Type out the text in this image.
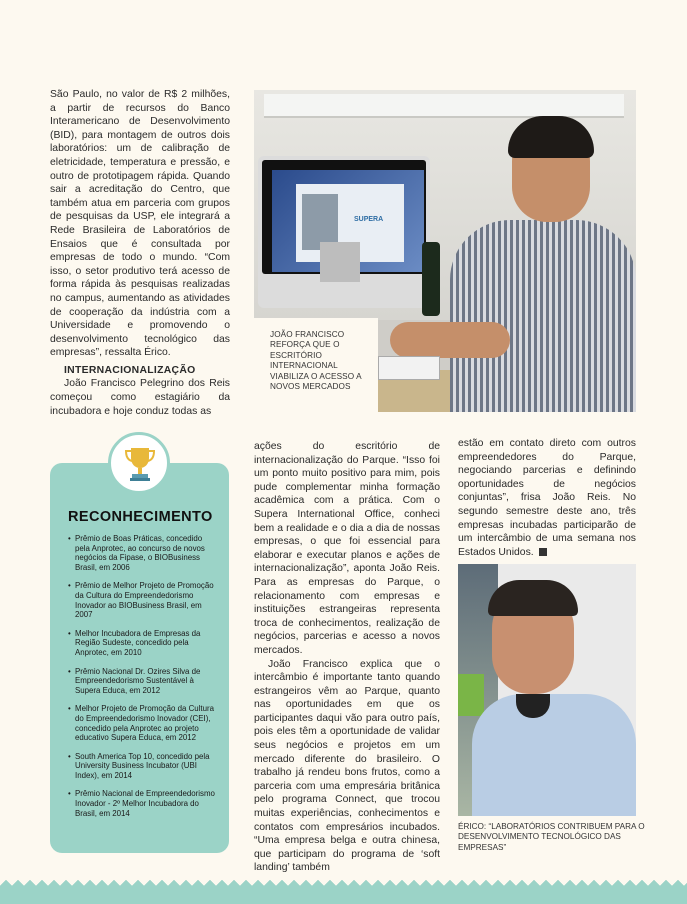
São Paulo, no valor de R$ 2 milhões, a partir de recursos do Banco Interamericano de Desenvolvimento (BID), para montagem de outros dois laboratórios: um de calibração de eletricidade, temperatura e pressão, e outro de prototipagem rápida. Quando sair a acreditação do Centro, que também atua em parceria com grupos de pesquisas da USP, ele integrará a Rede Brasileira de Laboratórios de Ensaios que é consultada por empresas de todo o mundo. “Com isso, o setor produtivo terá acesso de forma rápida às pesquisas realizadas no campus, aumentando as atividades de cooperação da indústria com a Universidade e promovendo o desenvolvimento tecnológico das empresas”, ressalta Érico.

INTERNACIONALIZAÇÃO

João Francisco Pelegrino dos Reis começou como estagiário da incubadora e hoje conduz todas as

SUPERA
JOÃO FRANCISCO REFORÇA QUE O ESCRITÓRIO INTERNACIONAL VIABILIZA O ACESSO A NOVOS MERCADOS

ações do escritório de internacionalização do Parque. “Isso foi um ponto muito positivo para mim, pois pude complementar minha formação acadêmica com a prática. Com o Supera International Office, conheci bem a realidade e o dia a dia de nossas empresas, o que foi essencial para elaborar e executar planos e ações de internacionalização”, aponta João Reis. Para as empresas do Parque, o relacionamento com empresas e instituições estrangeiras representa troca de conhecimentos, realização de negócios, parcerias e acesso a novos mercados.

João Francisco explica que o intercâmbio é importante tanto quando estrangeiros vêm ao Parque, quanto nas oportunidades em que os participantes daqui vão para outro país, pois eles têm a oportunidade de validar seus negócios e projetos em um mercado diferente do brasileiro. O trabalho já rendeu bons frutos, como a parceria com uma empresária britânica pelo programa Connect, que trocou muitas experiências, conhecimentos e contatos com empresários incubados. “Uma empresa belga e outra chinesa, que participam do programa de ‘soft landing’ também

estão em contato direto com outros empreendedores do Parque, negociando parcerias e definindo oportunidades de negócios conjuntas”, frisa João Reis. No segundo semestre deste ano, três empresas incubadas participarão de um intercâmbio de uma semana nos Estados Unidos.

ÉRICO: “LABORATÓRIOS CONTRIBUEM PARA O DESENVOLVIMENTO TECNOLÓGICO DAS EMPRESAS”
RECONHECIMENTO
• Prêmio de Boas Práticas, concedido pela Anprotec, ao concurso de novos negócios da Fipase, o BIOBusiness Brasil, em 2006
• Prêmio de Melhor Projeto de Promoção da Cultura do Empreendedorismo Inovador ao BIOBusiness Brasil, em 2007
• Melhor Incubadora de Empresas da Região Sudeste, concedido pela Anprotec, em 2010
• Prêmio Nacional Dr. Ozires Silva de Empreendedorismo Sustentável à Supera Educa, em 2012
• Melhor Projeto de Promoção da Cultura do Empreendedorismo Inovador (CEI), concedido pela Anprotec ao projeto educativo Supera Educa, em 2012
• South America Top 10, concedido pela University Business Incubator (UBI Index), em 2014
• Prêmio Nacional de Empreendedorismo Inovador - 2º Melhor Incubadora do Brasil, em 2014
